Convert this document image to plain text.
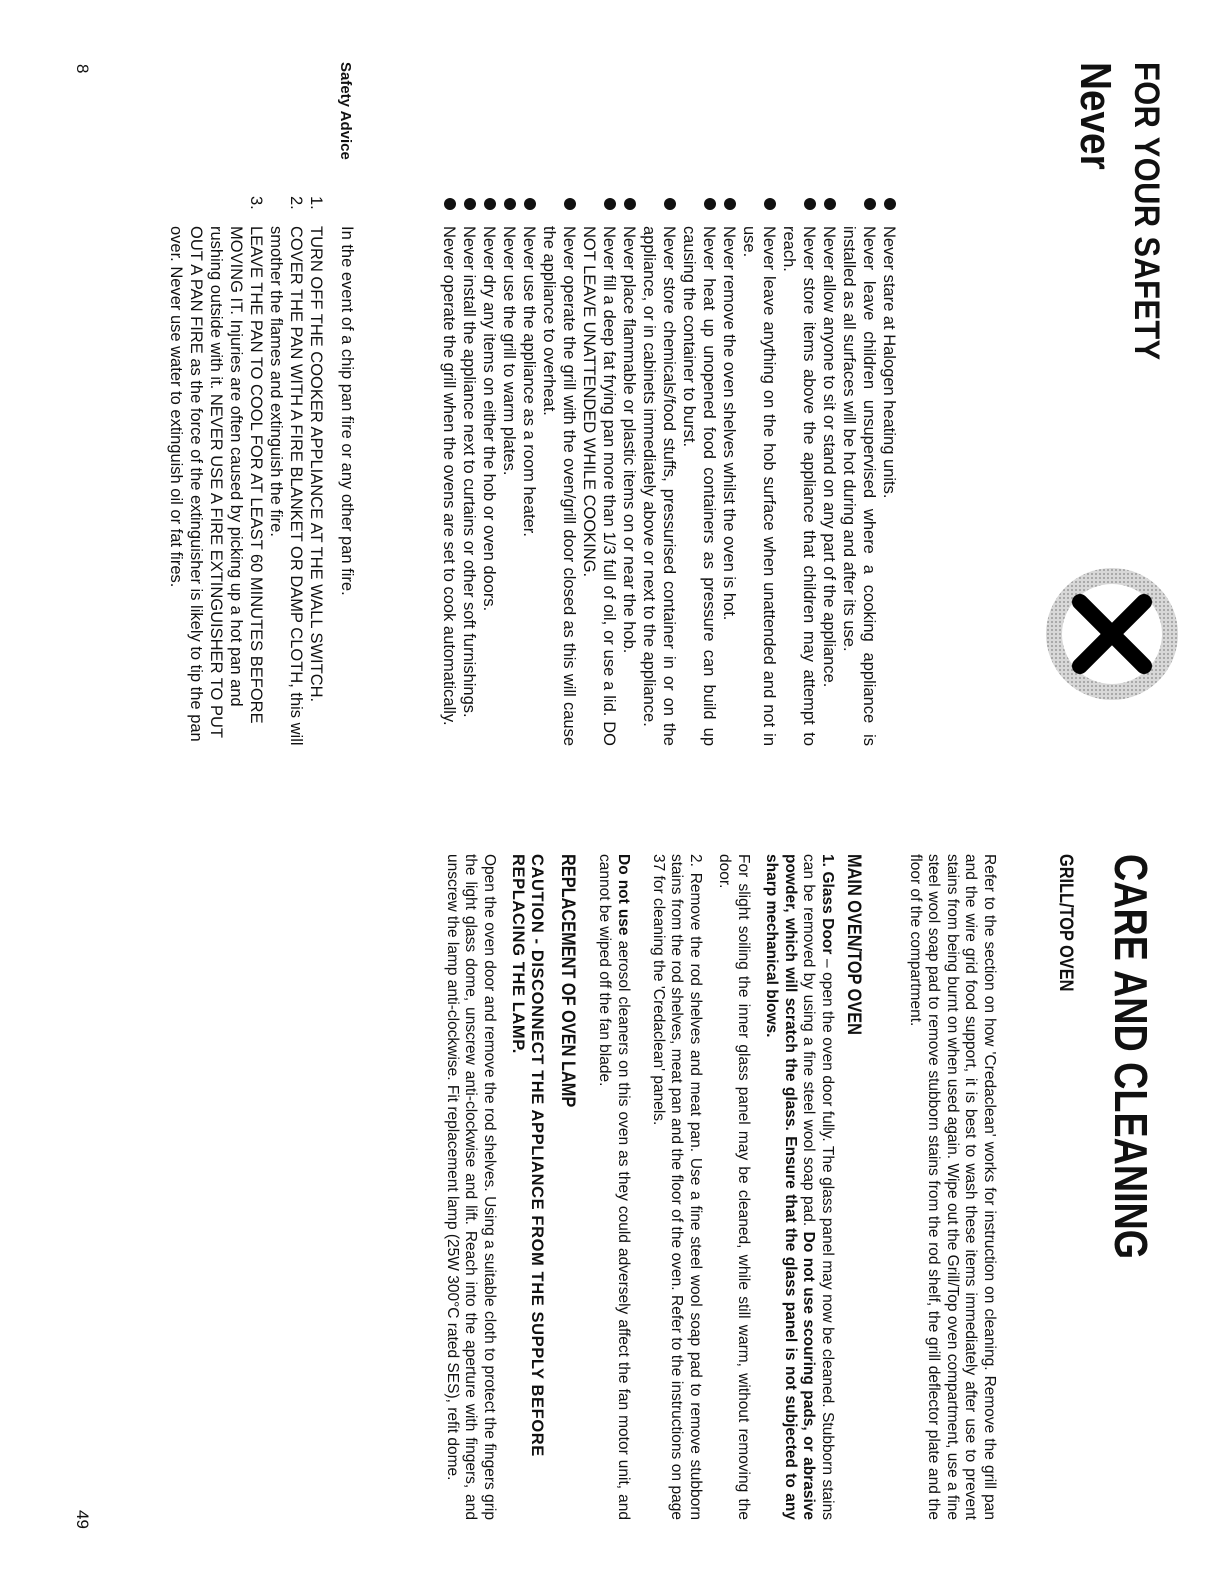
FOR YOUR SAFETY
Never
Never stare at Halogen heating units.
Never leave children unsupervised where a cooking appliance is installed as all surfaces will be hot during and after its use.
Never allow anyone to sit or stand on any part of the appliance.
Never store items above the appliance that children may attempt to reach.
Never leave anything on the hob surface when unattended and not in use.
Never remove the oven shelves whilst the oven is hot.
Never heat up unopened food containers as pressure can build up causing the container to burst.
Never store chemicals/food stuffs, pressurised container in or on the appliance, or in cabinets immediately above or next to the appliance.
Never place flammable or plastic items on or near the hob.
Never fill a deep fat frying pan more than 1/3 full of oil, or use a lid. DO NOT LEAVE UNATTENDED WHILE COOKING.
Never operate the grill with the oven/grill door closed as this will cause the appliance to overheat.
Never use the appliance as a room heater.
Never use the grill to warm plates.
Never dry any items on either the hob or oven doors.
Never install the appliance next to curtains or other soft furnishings.
Never operate the grill when the ovens are set to cook automatically.
Safety Advice
In the event of a chip pan fire or any other pan fire.
1.
TURN OFF THE COOKER APPLIANCE AT THE WALL SWITCH.
2.
COVER THE PAN WITH A FIRE BLANKET OR DAMP CLOTH, this will smother the flames and extinguish the fire.
3.
LEAVE THE PAN TO COOL FOR AT LEAST 60 MINUTES BEFORE MOVING IT. Injuries are often caused by picking up a hot pan and rushing outside with it. NEVER USE A FIRE EXTINGUISHER TO PUT OUT A PAN FIRE as the force of the extinguisher is likely to tip the pan over. Never use water to extinguish oil or fat fires.
8
CARE AND CLEANING
GRILL/TOP OVEN
Refer to the section on how 'Credaclean' works for instruction on cleaning. Remove the grill pan and the wire grid food support, it is best to wash these items immediately after use to prevent stains from being burnt on when used again. Wipe out the Grill/Top oven compartment, use a fine steel wool soap pad to remove stubborn stains from the rod shelf, the grill deflector plate and the floor of the compartment.
MAIN OVEN/TOP OVEN
1. Glass Door – open the oven door fully. The glass panel may now be cleaned. Stubborn stains can be removed by using a fine steel wool soap pad. Do not use scouring pads, or abrasive powder, which will scratch the glass. Ensure that the glass panel is not subjected to any sharp mechanical blows.
For slight soiling the inner glass panel may be cleaned, while still warm, without removing the door.
2. Remove the rod shelves and meat pan. Use a fine steel wool soap pad to remove stubborn stains from the rod shelves, meat pan and the floor of the oven. Refer to the instructions on page 37 for cleaning the 'Credaclean' panels.
Do not use aerosol cleaners on this oven as they could adversely affect the fan motor unit, and cannot be wiped off the fan blade.
REPLACEMENT OF OVEN LAMP
CAUTION - DISCONNECT THE APPLIANCE FROM THE SUPPLY BEFORE REPLACING THE LAMP.
Open the oven door and remove the rod shelves. Using a suitable cloth to protect the fingers grip the light glass dome, unscrew anti-clockwise and lift. Reach into the aperture with fingers, and unscrew the lamp anti-clockwise. Fit replacement lamp (25W 300°C rated SES), refit dome.
49
